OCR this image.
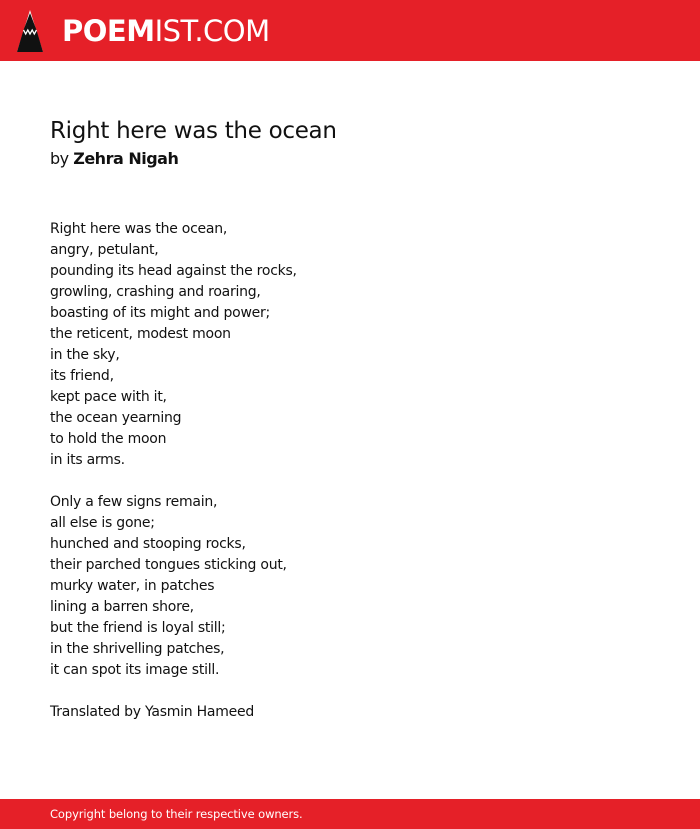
POEMIST.COM
Right here was the ocean
by Zehra Nigah
Right here was the ocean,
angry, petulant,
pounding its head against the rocks,
growling, crashing and roaring,
boasting of its might and power;
the reticent, modest moon
in the sky,
its friend,
kept pace with it,
the ocean yearning
to hold the moon
in its arms.
Only a few signs remain,
all else is gone;
hunched and stooping rocks,
their parched tongues sticking out,
murky water, in patches
lining a barren shore,
but the friend is loyal still;
in the shrivelling patches,
it can spot its image still.
Translated by Yasmin Hameed
Copyright belong to their respective owners.
